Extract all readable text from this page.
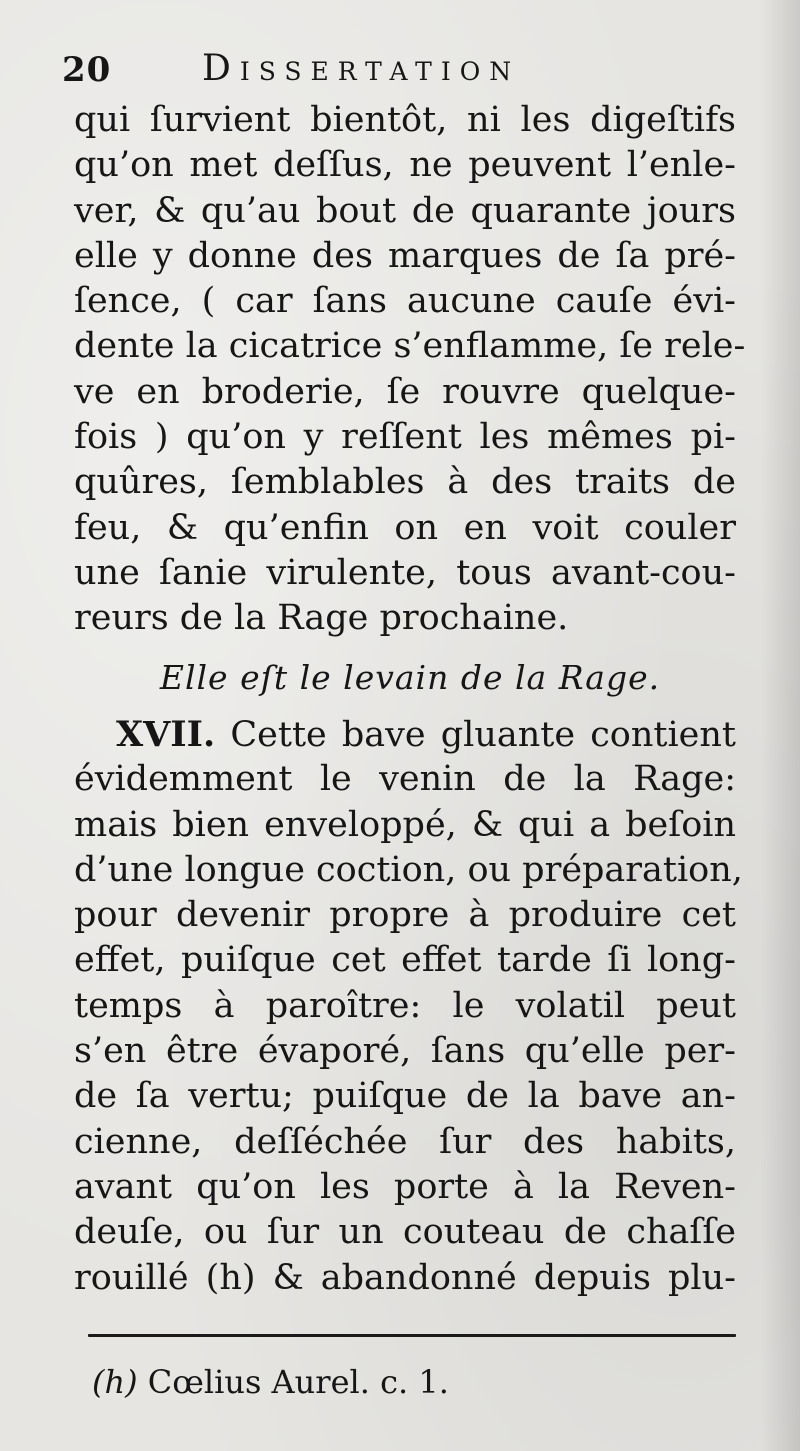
20	Dissertation
qui ſurvient bientôt, ni les digeſtifs
qu’on met deſſus, ne peuvent l’enle-
ver, & qu’au bout de quarante jours
elle y donne des marques de ſa pré-
ſence, ( car ſans aucune cauſe évi-
dente la cicatrice s’enflamme, ſe rele-
ve en broderie, ſe rouvre quelque-
fois ) qu’on y reſſent les mêmes pi-
quûres, ſemblables à des traits de
feu, & qu’enfin on en voit couler
une ſanie virulente, tous avant-cou-
reurs de la Rage prochaine.
Elle eſt le levain de la Rage.
XVII. Cette bave gluante contient
évidemment le venin de la Rage:
mais bien enveloppé, & qui a beſoin
d’une longue coction, ou préparation,
pour devenir propre à produire cet
effet, puiſque cet effet tarde ſi long-
temps à paroître: le volatil peut
s’en être évaporé, ſans qu’elle per-
de ſa vertu; puiſque de la bave an-
cienne, deſſéchée ſur des habits,
avant qu’on les porte à la Reven-
deuſe, ou ſur un couteau de chaſſe
rouillé (h) & abandonné depuis plu-
(h) Cœlius Aurel. c. 1.
